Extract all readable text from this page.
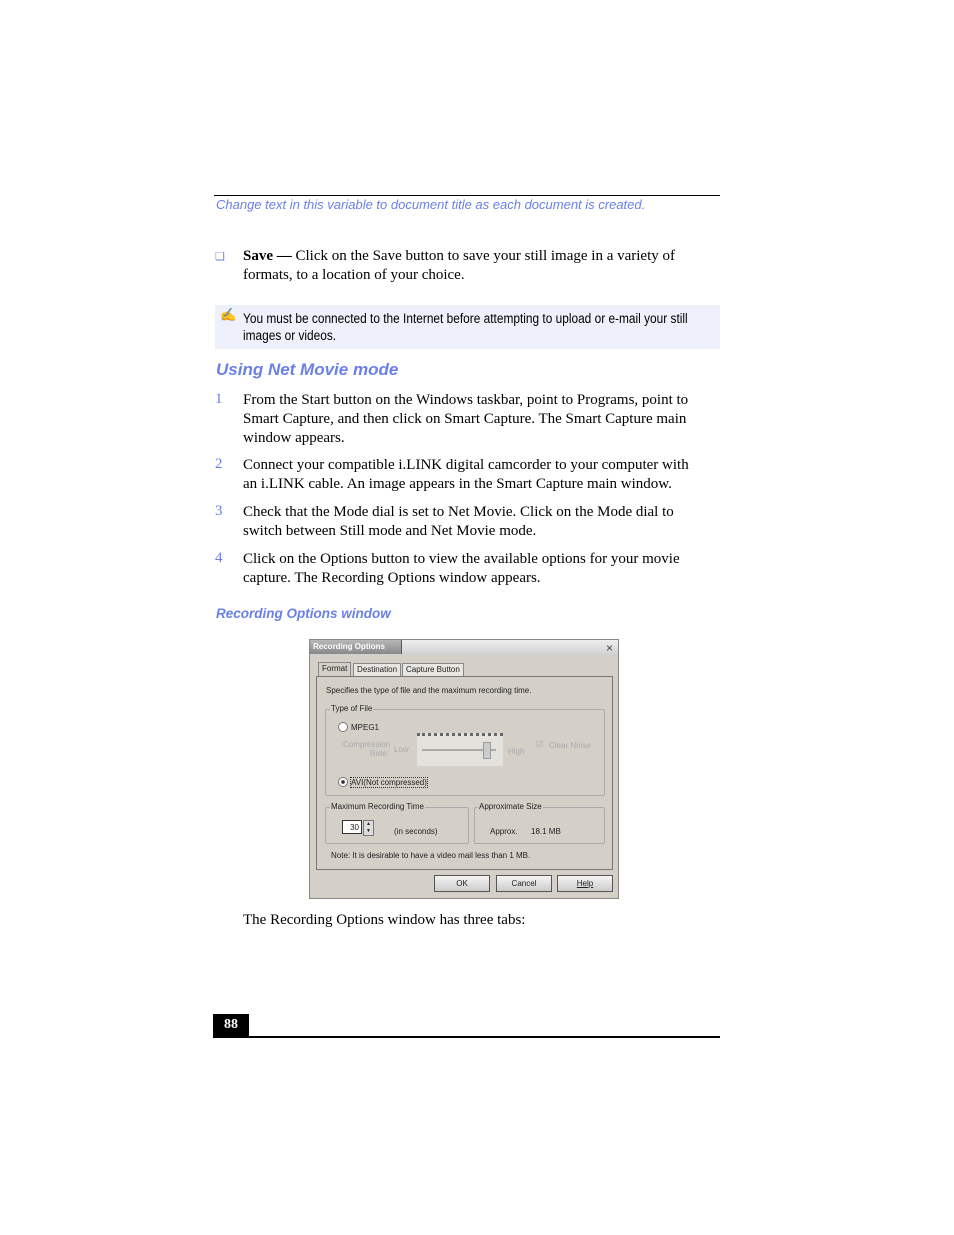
Change text in this variable to document title as each document is created.
❑ Save — Click on the Save button to save your still image in a variety of
formats, to a location of your choice.
✍ You must be connected to the Internet before attempting to upload or e-mail your still
images or videos.
Using Net Movie mode
1 From the Start button on the Windows taskbar, point to Programs, point to
Smart Capture, and then click on Smart Capture. The Smart Capture main
window appears.
2 Connect your compatible i.LINK digital camcorder to your computer with
an i.LINK cable. An image appears in the Smart Capture main window.
3 Check that the Mode dial is set to Net Movie. Click on the Mode dial to
switch between Still mode and Net Movie mode.
4 Click on the Options button to view the available options for your movie
capture. The Recording Options window appears.
Recording Options window
Recording Options	×
Format	Destination	Capture Button
Specifies the type of file and the maximum recording time.
Type of File
MPEG1
Compression
Rate: Low	High
☑ Clear Noise
AVI(Not compressed)
Maximum Recording Time
30	▲
▼	(in seconds)
Approximate Size
Approx. 18.1 MB
Note: It is desirable to have a video mail less than 1 MB.
OK	Cancel	Help
The Recording Options window has three tabs:
88
